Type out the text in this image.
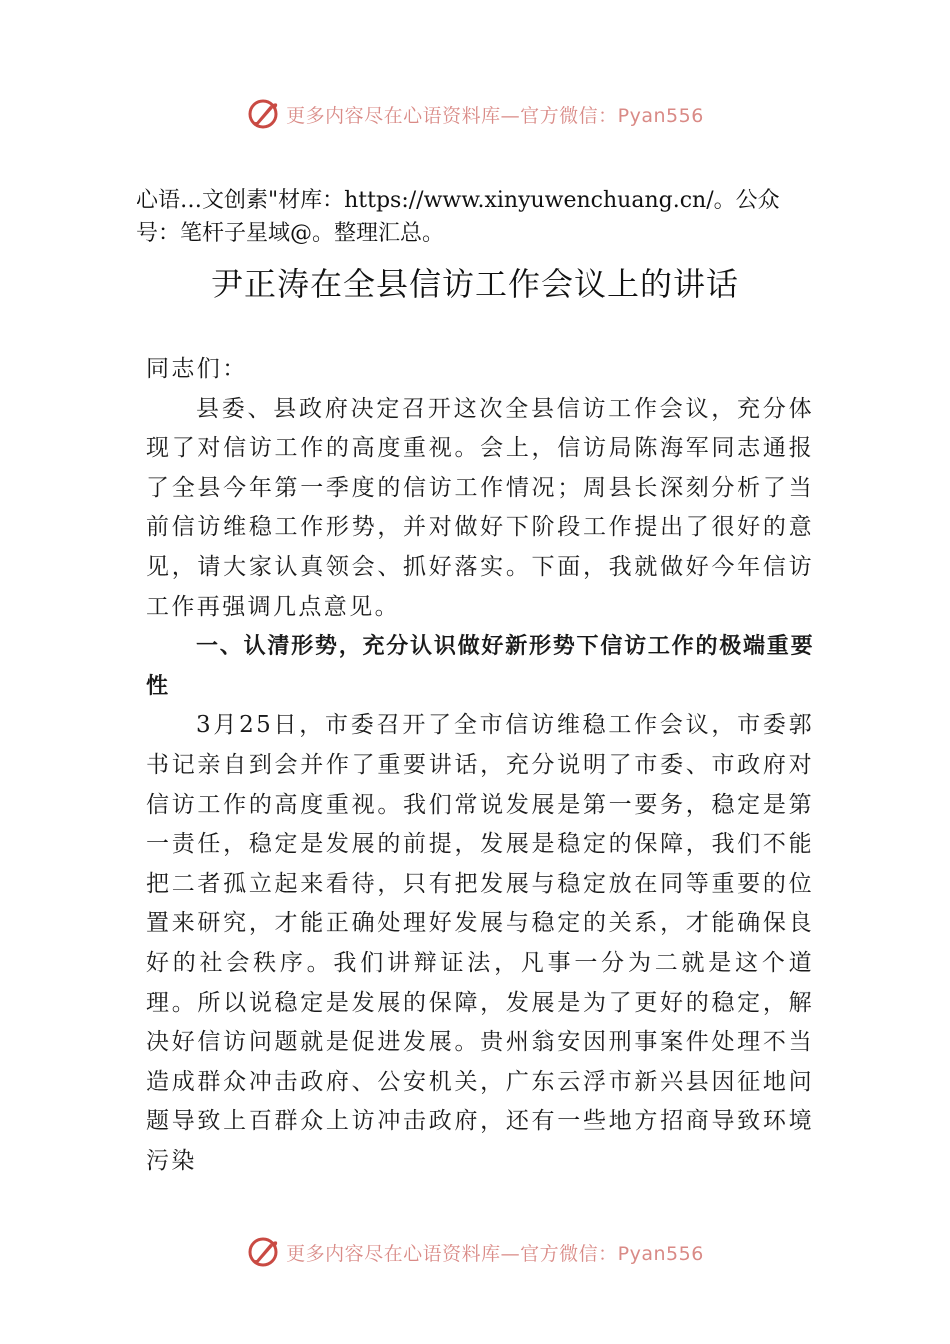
更多内容尽在心语资料库—官方微信：Pyan556

心语…文创素"材库：https://www.xinyuwenchuang.cn/。公众号：笔杆子星域@。整理汇总。

尹正涛在全县信访工作会议上的讲话

同志们：

县委、县政府决定召开这次全县信访工作会议，充分体现了对信访工作的高度重视。会上，信访局陈海军同志通报了全县今年第一季度的信访工作情况；周县长深刻分析了当前信访维稳工作形势，并对做好下阶段工作提出了很好的意见，请大家认真领会、抓好落实。下面，我就做好今年信访工作再强调几点意见。

一、认清形势，充分认识做好新形势下信访工作的极端重要性

3月25日，市委召开了全市信访维稳工作会议，市委郭书记亲自到会并作了重要讲话，充分说明了市委、市政府对信访工作的高度重视。我们常说发展是第一要务，稳定是第一责任，稳定是发展的前提，发展是稳定的保障，我们不能把二者孤立起来看待，只有把发展与稳定放在同等重要的位置来研究，才能正确处理好发展与稳定的关系，才能确保良好的社会秩序。我们讲辩证法，凡事一分为二就是这个道理。所以说稳定是发展的保障，发展是为了更好的稳定，解决好信访问题就是促进发展。贵州翁安因刑事案件处理不当造成群众冲击政府、公安机关，广东云浮市新兴县因征地问题导致上百群众上访冲击政府，还有一些地方招商导致环境污染

更多内容尽在心语资料库—官方微信：Pyan556
